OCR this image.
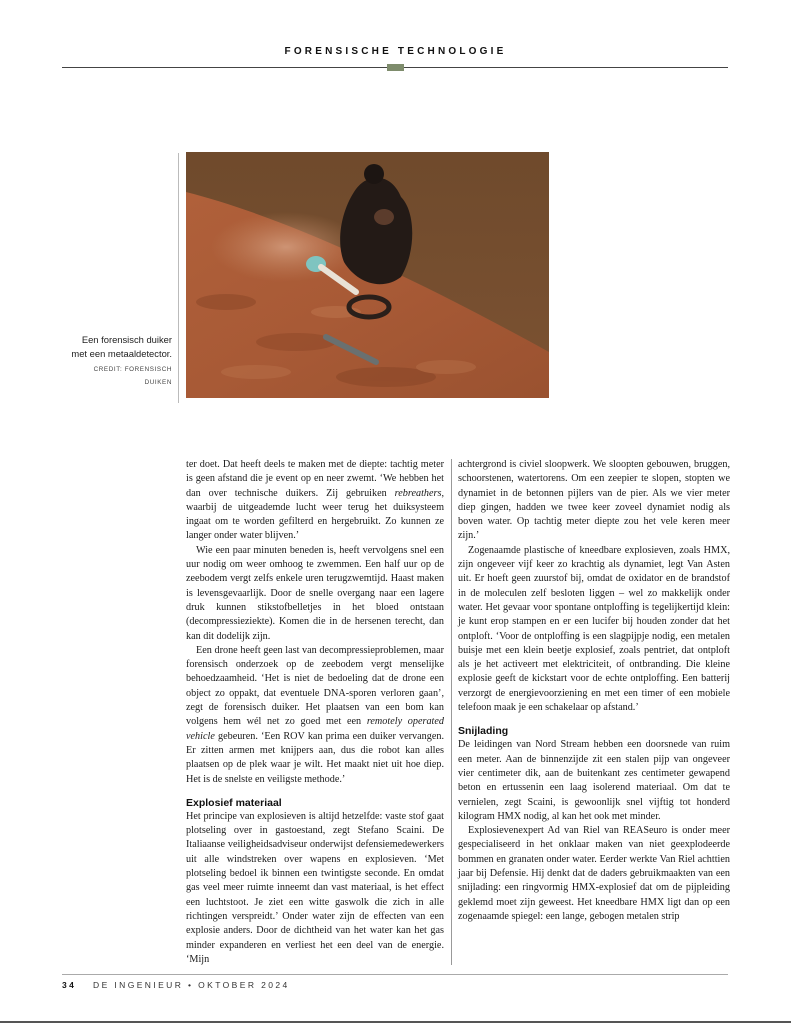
FORENSISCHE TECHNOLOGIE
Een forensisch duiker met een metaaldetector.
CREDIT: FORENSISCH DUIKEN

ter doet. Dat heeft deels te maken met de diepte: tachtig meter is geen afstand die je event op en neer zwemt. ‘We hebben het dan over technische duikers. Zij gebruiken rebreathers, waarbij de uitgeademde lucht weer terug het duiksysteem ingaat om te worden gefilterd en hergebruikt. Zo kunnen ze langer onder water blijven.’

Wie een paar minuten beneden is, heeft vervolgens snel een uur nodig om weer omhoog te zwemmen. Een half uur op de zeebodem vergt zelfs enkele uren terugzwemtijd. Haast maken is levensgevaarlijk. Door de snelle overgang naar een lagere druk kunnen stikstofbelletjes in het bloed ontstaan (decompressieziekte). Komen die in de hersenen terecht, dan kan dit dodelijk zijn.

Een drone heeft geen last van decompressieproblemen, maar forensisch onderzoek op de zeebodem vergt menselijke behoedzaamheid. ‘Het is niet de bedoeling dat de drone een object zo oppakt, dat eventuele DNA-sporen verloren gaan’, zegt de forensisch duiker. Het plaatsen van een bom kan volgens hem wél net zo goed met een remotely operated vehicle gebeuren. ‘Een ROV kan prima een duiker vervangen. Er zitten armen met knijpers aan, dus die robot kan alles plaatsen op de plek waar je wilt. Het maakt niet uit hoe diep. Het is de snelste en veiligste methode.’

Explosief materiaal

Het principe van explosieven is altijd hetzelfde: vaste stof gaat plotseling over in gastoestand, zegt Stefano Scaini. De Italiaanse veiligheidsadviseur onderwijst defensiemedewerkers uit alle windstreken over wapens en explosieven. ‘Met plotseling bedoel ik binnen een twintigste seconde. En omdat gas veel meer ruimte inneemt dan vast materiaal, is het effect een luchtstoot. Je ziet een witte gaswolk die zich in alle richtingen verspreidt.’ Onder water zijn de effecten van een explosie anders. Door de dichtheid van het water kan het gas minder expanderen en verliest het een deel van de energie. ‘Mijn

achtergrond is civiel sloopwerk. We sloopten gebouwen, bruggen, schoorstenen, watertorens. Om een zeepier te slopen, stopten we dynamiet in de betonnen pijlers van de pier. Als we vier meter diep gingen, hadden we twee keer zoveel dynamiet nodig als boven water. Op tachtig meter diepte zou het vele keren meer zijn.’

Zogenaamde plastische of kneedbare explosieven, zoals HMX, zijn ongeveer vijf keer zo krachtig als dynamiet, legt Van Asten uit. Er hoeft geen zuurstof bij, omdat de oxidator en de brandstof in de moleculen zelf besloten liggen – wel zo makkelijk onder water. Het gevaar voor spontane ontploffing is tegelijkertijd klein: je kunt erop stampen en er een lucifer bij houden zonder dat het ontploft. ‘Voor de ontploffing is een slagpijpje nodig, een metalen buisje met een klein beetje explosief, zoals pentriet, dat ontploft als je het activeert met elektriciteit, of ontbranding. Die kleine explosie geeft de kickstart voor de echte ontploffing. Een batterij verzorgt de energievoorziening en met een timer of een mobiele telefoon maak je een schakelaar op afstand.’

Snijlading

De leidingen van Nord Stream hebben een doorsnede van ruim een meter. Aan de binnenzijde zit een stalen pijp van ongeveer vier centimeter dik, aan de buitenkant zes centimeter gewapend beton en ertussenin een laag isolerend materiaal. Om dat te vernielen, zegt Scaini, is gewoonlijk snel vijftig tot honderd kilogram HMX nodig, al kan het ook met minder.

Explosievenexpert Ad van Riel van REASeuro is onder meer gespecialiseerd in het onklaar maken van niet geexplodeerde bommen en granaten onder water. Eerder werkte Van Riel achttien jaar bij Defensie. Hij denkt dat de daders gebruikmaakten van een snijlading: een ringvormig HMX-explosief dat om de pijpleiding geklemd moet zijn geweest. Het kneedbare HMX ligt dan op een zogenaamde spiegel: een lange, gebogen metalen strip

34 DE INGENIEUR • OKTOBER 2024
